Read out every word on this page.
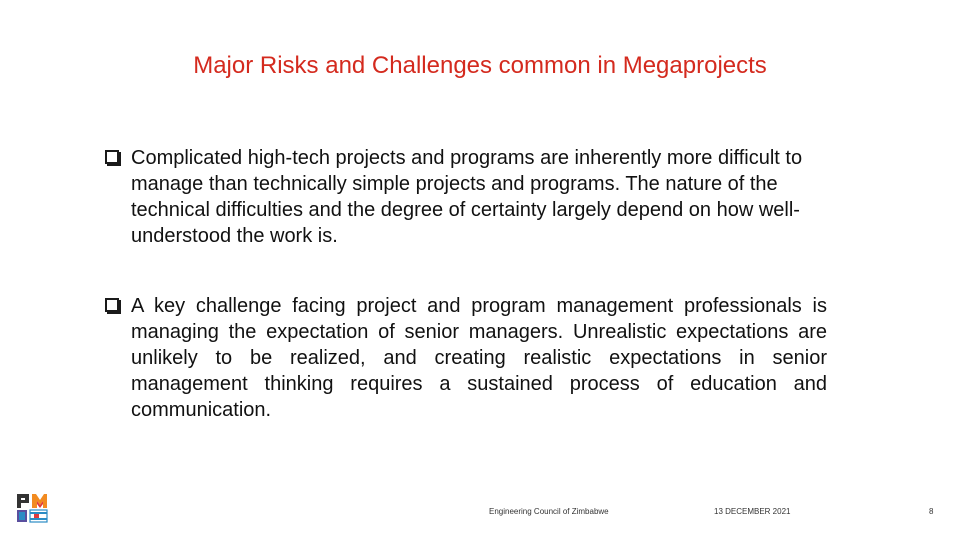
Major Risks and Challenges common in Megaprojects
Complicated high-tech projects and programs are inherently more difficult to manage than technically simple projects and programs. The nature of the technical difficulties and the degree of certainty largely depend on how well-understood the work is.
A key challenge facing project and program management professionals is managing the expectation of senior managers. Unrealistic expectations are unlikely to be realized, and creating realistic expectations in senior management thinking requires a sustained process of education and communication.
Engineering Council of Zimbabwe	13 DECEMBER 2021	8
